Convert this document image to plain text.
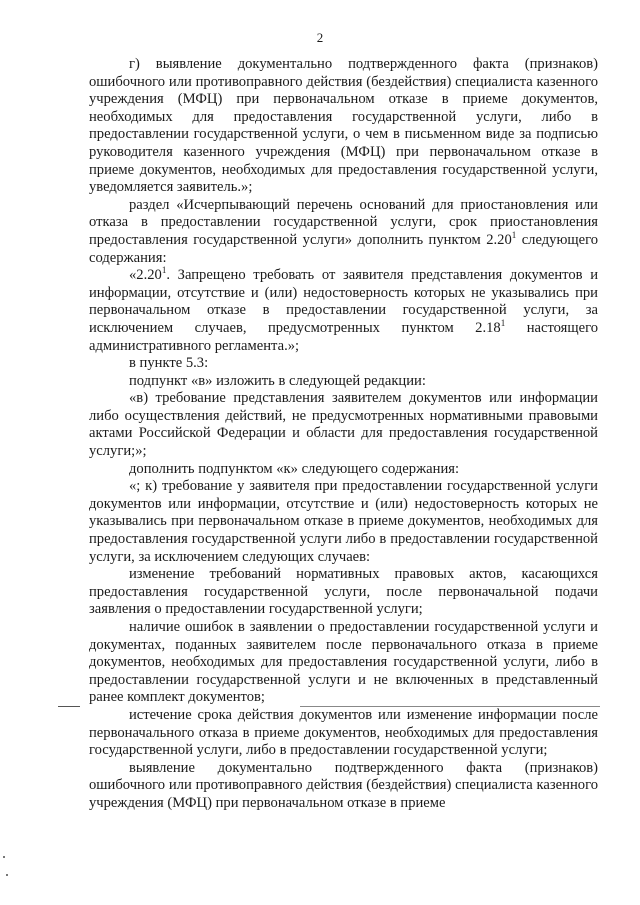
2

г) выявление документально подтвержденного факта (признаков) ошибочного или противоправного действия (бездействия) специалиста казенного учреждения (МФЦ) при первоначальном отказе в приеме документов, необходимых для предоставления государственной услуги, либо в предоставлении государственной услуги, о чем в письменном виде за подписью руководителя казенного учреждения (МФЦ) при первоначальном отказе в приеме документов, необходимых для предоставления государственной услуги, уведомляется заявитель.»;

раздел «Исчерпывающий перечень оснований для приостановления или отказа в предоставлении государственной услуги, срок приостановления предоставления государственной услуги» дополнить пунктом 2.20$^1$ следующего содержания:

«2.20$^1$. Запрещено требовать от заявителя представления документов и информации, отсутствие и (или) недостоверность которых не указывались при первоначальном отказе в предоставлении государственной услуги, за исключением случаев, предусмотренных пунктом 2.18$^1$ настоящего административного регламента.»;

в пункте 5.3:

подпункт «в» изложить в следующей редакции:

«в) требование представления заявителем документов или информации либо осуществления действий, не предусмотренных нормативными правовыми актами Российской Федерации и области для предоставления государственной услуги;»;

дополнить подпунктом «к» следующего содержания:

«; к) требование у заявителя при предоставлении государственной услуги документов или информации, отсутствие и (или) недостоверность которых не указывались при первоначальном отказе в приеме документов, необходимых для предоставления государственной услуги либо в предоставлении государственной услуги, за исключением следующих случаев:

изменение требований нормативных правовых актов, касающихся предоставления государственной услуги, после первоначальной подачи заявления о предоставлении государственной услуги;

наличие ошибок в заявлении о предоставлении государственной услуги и документах, поданных заявителем после первоначального отказа в приеме документов, необходимых для предоставления государственной услуги, либо в предоставлении государственной услуги и не включенных в представленный ранее комплект документов;

истечение срока действия документов или изменение информации после первоначального отказа в приеме документов, необходимых для предоставления государственной услуги, либо в предоставлении государственной услуги;

выявление документально подтвержденного факта (признаков) ошибочного или противоправного действия (бездействия) специалиста казенного учреждения (МФЦ) при первоначальном отказе в приеме
